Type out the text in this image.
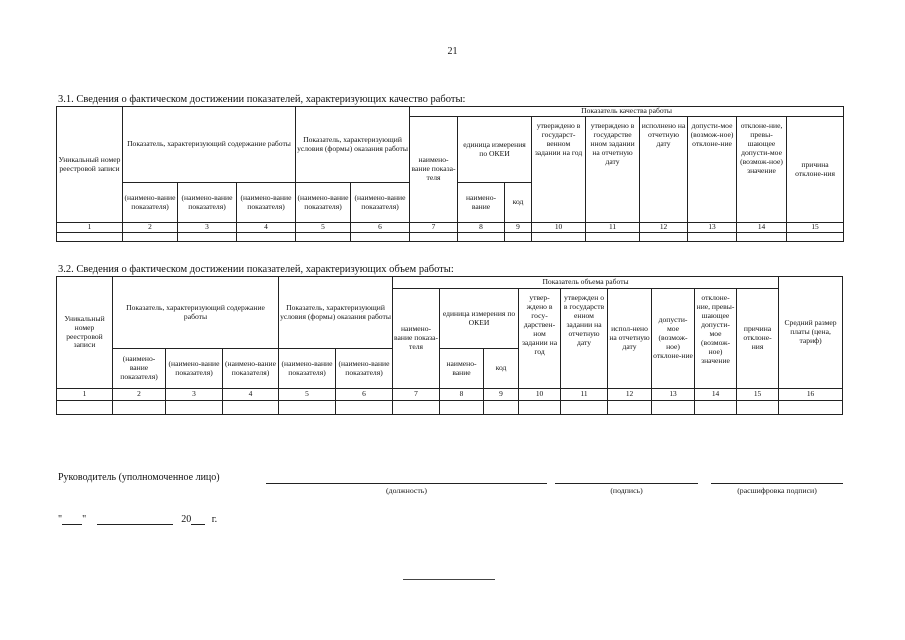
21
3.1. Сведения о фактическом достижении показателей, характеризующих качество работы:
Уникальный номер реестровой записи	Показатель, характеризующий содержание работы			Показатель, характеризующий условия (формы) оказания работы		Показатель качества работы								
						наимено-вание показа-теля	единица измерения по ОКЕИ		утверждено в государст-венном задании на год	утверждено в государстве нном задании на отчетную дату	исполнено на отчетную дату	допусти-мое (возмож-ное) отклоне-ние	отклоне-ние, превы-шающее допусти-мое (возмож-ное) значение	причина отклоне-ния
	(наимено-вание показателя)	(наимено-вание показателя)	(наимено-вание показателя)	(наимено-вание показателя)	(наимено-вание показателя)		наимено-вание	код						
1	2	3	4	5	6	7	8	9	10	11	12	13	14	15

3.2. Сведения о фактическом достижении показателей, характеризующих объем работы:
Уникальный номер реестровой записи	Показатель, характеризующий содержание работы			Показатель, характеризующий условия (формы) оказания работы		Показатель объема работы									Средний размер платы (цена, тариф)
						наимено-вание показа-теля	единица измерения по ОКЕИ		утвер-ждено в госу-дарствен-ном задании на год	утвержден о в государств енном задании на отчетную дату	испол-нено на отчетную дату	допусти-мое (возмож-ное) отклоне-ние	отклоне-ние, превы-шающее допусти-мое (возмож-ное) значение	причина отклоне-ния	
	(наимено-вание показателя)	(наимено-вание показателя)	(наимено-вание показателя)	(наимено-вание показателя)	(наимено-вание показателя)		наимено-вание	код							
1	2	3	4	5	6	7	8	9	10	11	12	13	14	15	16

Руководитель (уполномоченное лицо)
(должность)	(подпись)	(расшифровка подписи)
" "	20 г.
